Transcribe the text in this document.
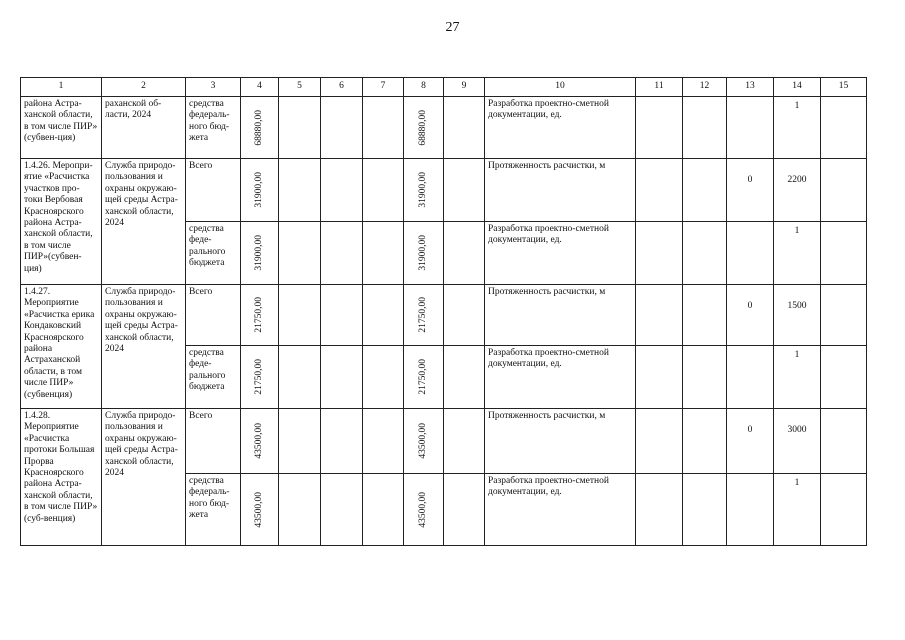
27
1	2	3	4	5	6	7	8	9	10	11	12	13	14	15
района Астра-ханской области, в том числе ПИР» (субвен-ция)	раханской об-ласти, 2024	средства федераль-ного бюд-жета	68880,00				68880,00		Разработка проектно-сметной документации, ед.				1	
1.4.26. Меропри-ятие «Расчистка участков про-токи Вербовая Красноярского района Астра-ханской области, в том числе ПИР»(субвен-ция)	Служба природо-пользования и охраны окружаю-щей среды Астра-ханской области, 2024	Всего	31900,00				31900,00		Протяженность расчистки, м			0	2200	
		средства феде-рального бюджета	31900,00				31900,00		Разработка проектно-сметной документации, ед.				1	
1.4.27. Мероприятие «Расчистка ерика Кондаковский Красноярского района Астраханской области, в том числе ПИР» (субвенция)	Служба природо-пользования и охраны окружаю-щей среды Астра-ханской области, 2024	Всего	21750,00				21750,00		Протяженность расчистки, м			0	1500	
		средства феде-рального бюджета	21750,00				21750,00		Разработка проектно-сметной документации, ед.				1	
1.4.28. Мероприятие «Расчистка протоки Большая Прорва Красноярского района Астра-ханской области, в том числе ПИР» (суб-венция)	Служба природо-пользования и охраны окружаю-щей среды Астра-ханской области, 2024	Всего	43500,00				43500,00		Протяженность расчистки, м			0	3000	
		средства федераль-ного бюд-жета	43500,00				43500,00		Разработка проектно-сметной документации, ед.				1	
